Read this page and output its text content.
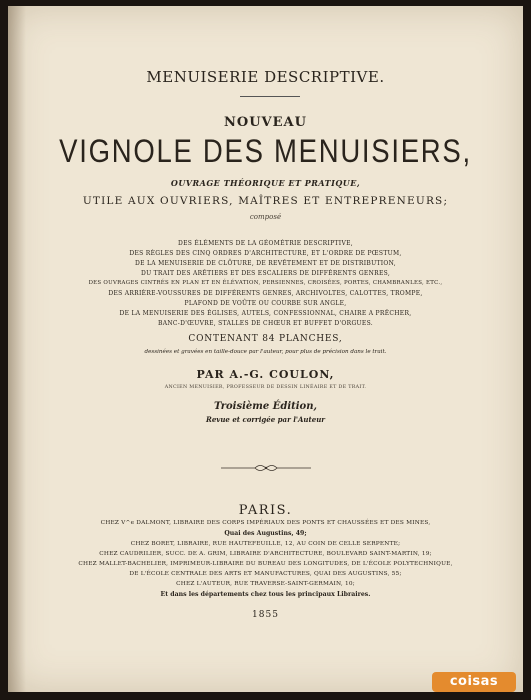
MENUISERIE DESCRIPTIVE.
NOUVEAU
VIGNOLE DES MENUISIERS,
OUVRAGE THÉORIQUE ET PRATIQUE,
UTILE AUX OUVRIERS, MAÎTRES ET ENTREPRENEURS;
composé
DES ÉLÉMENTS DE LA GÉOMÉTRIE DESCRIPTIVE,
DES RÈGLES DES CINQ ORDRES D'ARCHITECTURE, ET L'ORDRE DE PŒSTUM,
DE LA MENUISERIE DE CLÔTURE, DE REVÊTEMENT ET DE DISTRIBUTION,
DU TRAIT DES ARÊTIERS ET DES ESCALIERS DE DIFFÉRENTS GENRES,
DES OUVRAGES CINTRÉS EN PLAN ET EN ÉLÉVATION, PERSIENNES, CROISÉES, PORTES, CHAMBRANLES, ETC.,
DES ARRIÈRE-VOUSSURES DE DIFFÉRENTS GENRES, ARCHIVOLTES, CALOTTES, TROMPE,
PLAFOND DE VOÛTE OU COURBE SUR ANGLE,
DE LA MENUISERIE DES ÉGLISES, AUTELS, CONFESSIONNAL, CHAIRE A PRÊCHER,
BANC-D'ŒUVRE, STALLES DE CHŒUR ET BUFFET D'ORGUES.
CONTENANT 84 PLANCHES,
dessinées et gravées en taille-douce par l'auteur, pour plus de précision dans le trait.
PAR A.-G. COULON,
ANCIEN MENUISIER, PROFESSEUR DE DESSIN LINÉAIRE ET DE TRAIT.
Troisième Édition,
Revue et corrigée par l'Auteur
PARIS.
CHEZ V^e DALMONT, LIBRAIRE DES CORPS IMPÉRIAUX DES PONTS ET CHAUSSÉES ET DES MINES,
Quai des Augustins, 49;
CHEZ BORET, LIBRAIRE, RUE HAUTEFEUILLE, 12, AU COIN DE CELLE SERPENTE;
CHEZ CAUDRILIER, SUCC. DE A. GRIM, LIBRAIRE D'ARCHITECTURE, BOULEVARD SAINT-MARTIN, 19;
CHEZ MALLET-BACHELIER, IMPRIMEUR-LIBRAIRE DU BUREAU DES LONGITUDES, DE L'ÉCOLE POLYTECHNIQUE,
DE L'ÉCOLE CENTRALE DES ARTS ET MANUFACTURES, QUAI DES AUGUSTINS, 55;
CHEZ L'AUTEUR, RUE TRAVERSE-SAINT-GERMAIN, 10;
Et dans les départements chez tous les principaux Libraires.
1855
coisas
